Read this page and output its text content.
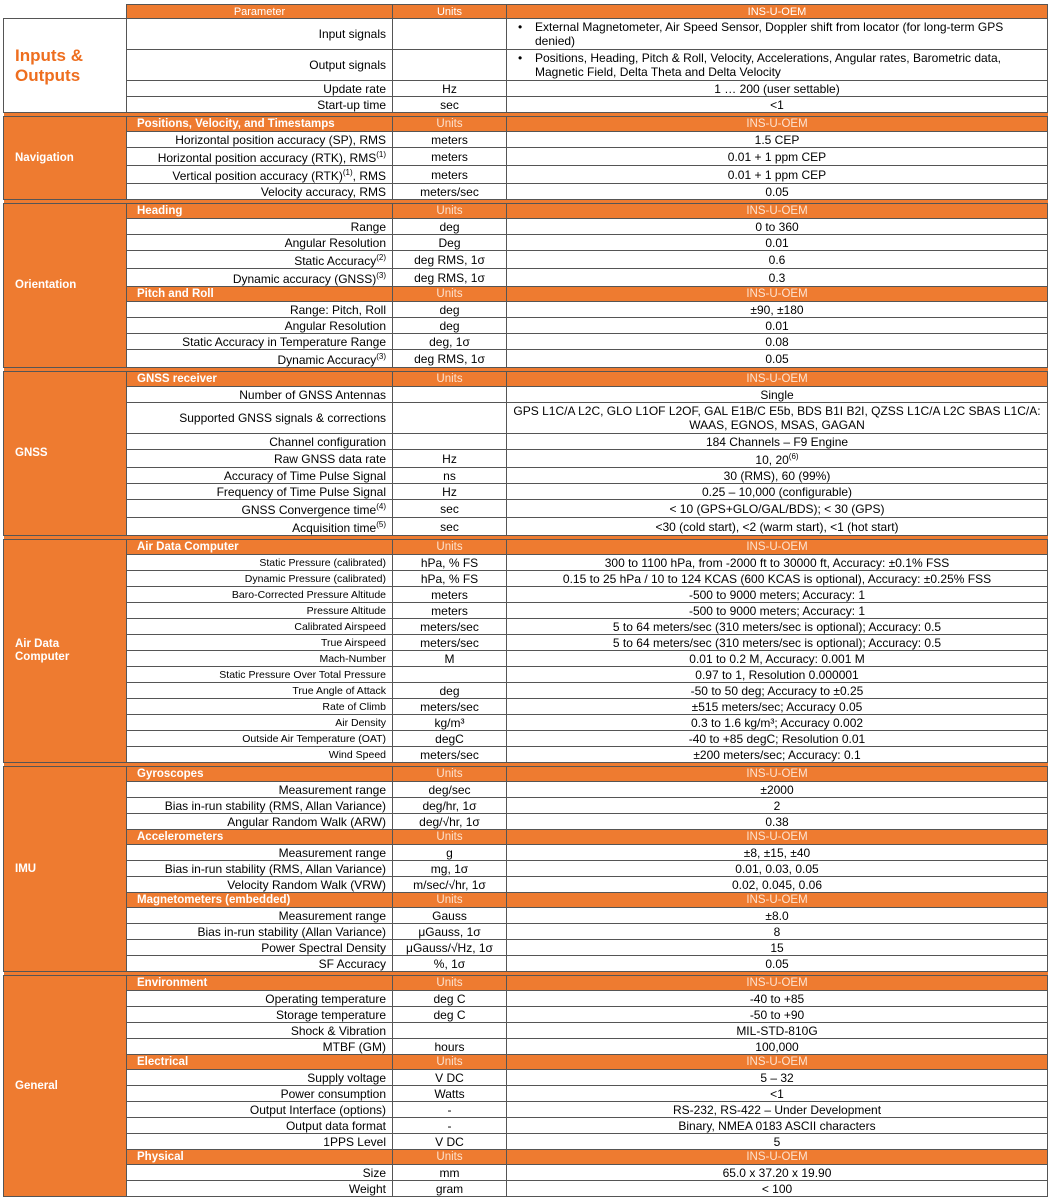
	Parameter	Units	INS-U-OEM
Inputs &
Outputs	Input signals		• External Magnetometer, Air Speed Sensor, Doppler shift from locator (for long-term GPS denied)

	Output signals		• Positions, Heading, Pitch & Roll, Velocity, Accelerations, Angular rates, Barometric data, Magnetic Field, Delta Theta and Delta Velocity

	Update rate	Hz	1 … 200 (user settable)
	Start-up time	sec	<1

Navigation	Positions, Velocity, and Timestamps	Units	INS-U-OEM
	Horizontal position accuracy (SP), RMS	meters	1.5 CEP
	Horizontal position accuracy (RTK), RMS$^{(1)}$	meters	0.01 + 1 ppm CEP
	Vertical position accuracy (RTK)$^{(1)}$, RMS	meters	0.01 + 1 ppm CEP
	Velocity accuracy, RMS	meters/sec	0.05

Orientation	Heading	Units	INS-U-OEM
	Range	deg	0 to 360
	Angular Resolution	Deg	0.01
	Static Accuracy$^{(2)}$	deg RMS, 1σ	0.6
	Dynamic accuracy (GNSS)$^{(3)}$	deg RMS, 1σ	0.3
	Pitch and Roll	Units	INS-U-OEM
	Range: Pitch, Roll	deg	±90, ±180
	Angular Resolution	deg	0.01
	Static Accuracy in Temperature Range	deg, 1σ	0.08
	Dynamic Accuracy$^{(3)}$	deg RMS, 1σ	0.05

GNSS	GNSS receiver	Units	INS-U-OEM
	Number of GNSS Antennas		Single
	Supported GNSS signals & corrections		GPS L1C/A L2C, GLO L1OF L2OF, GAL E1B/C E5b, BDS B1I B2I, QZSS L1C/A L2C SBAS L1C/A: WAAS, EGNOS, MSAS, GAGAN
	Channel configuration		184 Channels – F9 Engine
	Raw GNSS data rate	Hz	10, 20$^{(6)}$
	Accuracy of Time Pulse Signal	ns	30 (RMS), 60 (99%)
	Frequency of Time Pulse Signal	Hz	0.25 – 10,000 (configurable)
	GNSS Convergence time$^{(4)}$	sec	< 10 (GPS+GLO/GAL/BDS); < 30 (GPS)
	Acquisition time$^{(5)}$	sec	<30 (cold start), <2 (warm start), <1 (hot start)

Air Data
Computer	Air Data Computer	Units	INS-U-OEM
	Static Pressure (calibrated)	hPa, % FS	300 to 1100 hPa, from -2000 ft to 30000 ft, Accuracy: ±0.1% FSS
	Dynamic Pressure (calibrated)	hPa, % FS	0.15 to 25 hPa / 10 to 124 KCAS (600 KCAS is optional), Accuracy: ±0.25% FSS
	Baro-Corrected Pressure Altitude	meters	-500 to 9000 meters; Accuracy: 1
	Pressure Altitude	meters	-500 to 9000 meters; Accuracy: 1
	Calibrated Airspeed	meters/sec	5 to 64 meters/sec (310 meters/sec is optional); Accuracy: 0.5
	True Airspeed	meters/sec	5 to 64 meters/sec (310 meters/sec is optional); Accuracy: 0.5
	Mach-Number	M	0.01 to 0.2 M, Accuracy: 0.001 M
	Static Pressure Over Total Pressure		0.97 to 1, Resolution 0.000001
	True Angle of Attack	deg	-50 to 50 deg; Accuracy to ±0.25
	Rate of Climb	meters/sec	±515 meters/sec; Accuracy 0.05
	Air Density	kg/m³	0.3 to 1.6 kg/m³; Accuracy 0.002
	Outside Air Temperature (OAT)	degC	-40 to +85 degC; Resolution 0.01
	Wind Speed	meters/sec	±200 meters/sec; Accuracy: 0.1

IMU	Gyroscopes	Units	INS-U-OEM
	Measurement range	deg/sec	±2000
	Bias in-run stability (RMS, Allan Variance)	deg/hr, 1σ	2
	Angular Random Walk (ARW)	deg/√hr, 1σ	0.38
	Accelerometers	Units	INS-U-OEM
	Measurement range	g	±8, ±15, ±40
	Bias in-run stability (RMS, Allan Variance)	mg, 1σ	0.01, 0.03, 0.05
	Velocity Random Walk (VRW)	m/sec/√hr, 1σ	0.02, 0.045, 0.06
	Magnetometers (embedded)	Units	INS-U-OEM
	Measurement range	Gauss	±8.0
	Bias in-run stability (Allan Variance)	μGauss, 1σ	8
	Power Spectral Density	μGauss/√Hz, 1σ	15
	SF Accuracy	%, 1σ	0.05

General	Environment	Units	INS-U-OEM
	Operating temperature	deg C	-40 to +85
	Storage temperature	deg C	-50 to +90
	Shock & Vibration		MIL-STD-810G
	MTBF (GM)	hours	100,000
	Electrical	Units	INS-U-OEM
	Supply voltage	V DC	5 – 32
	Power consumption	Watts	<1
	Output Interface (options)	-	RS-232, RS-422 – Under Development
	Output data format	-	Binary, NMEA 0183 ASCII characters
	1PPS Level	V DC	5
	Physical	Units	INS-U-OEM
	Size	mm	65.0 x 37.20 x 19.90
	Weight	gram	< 100
